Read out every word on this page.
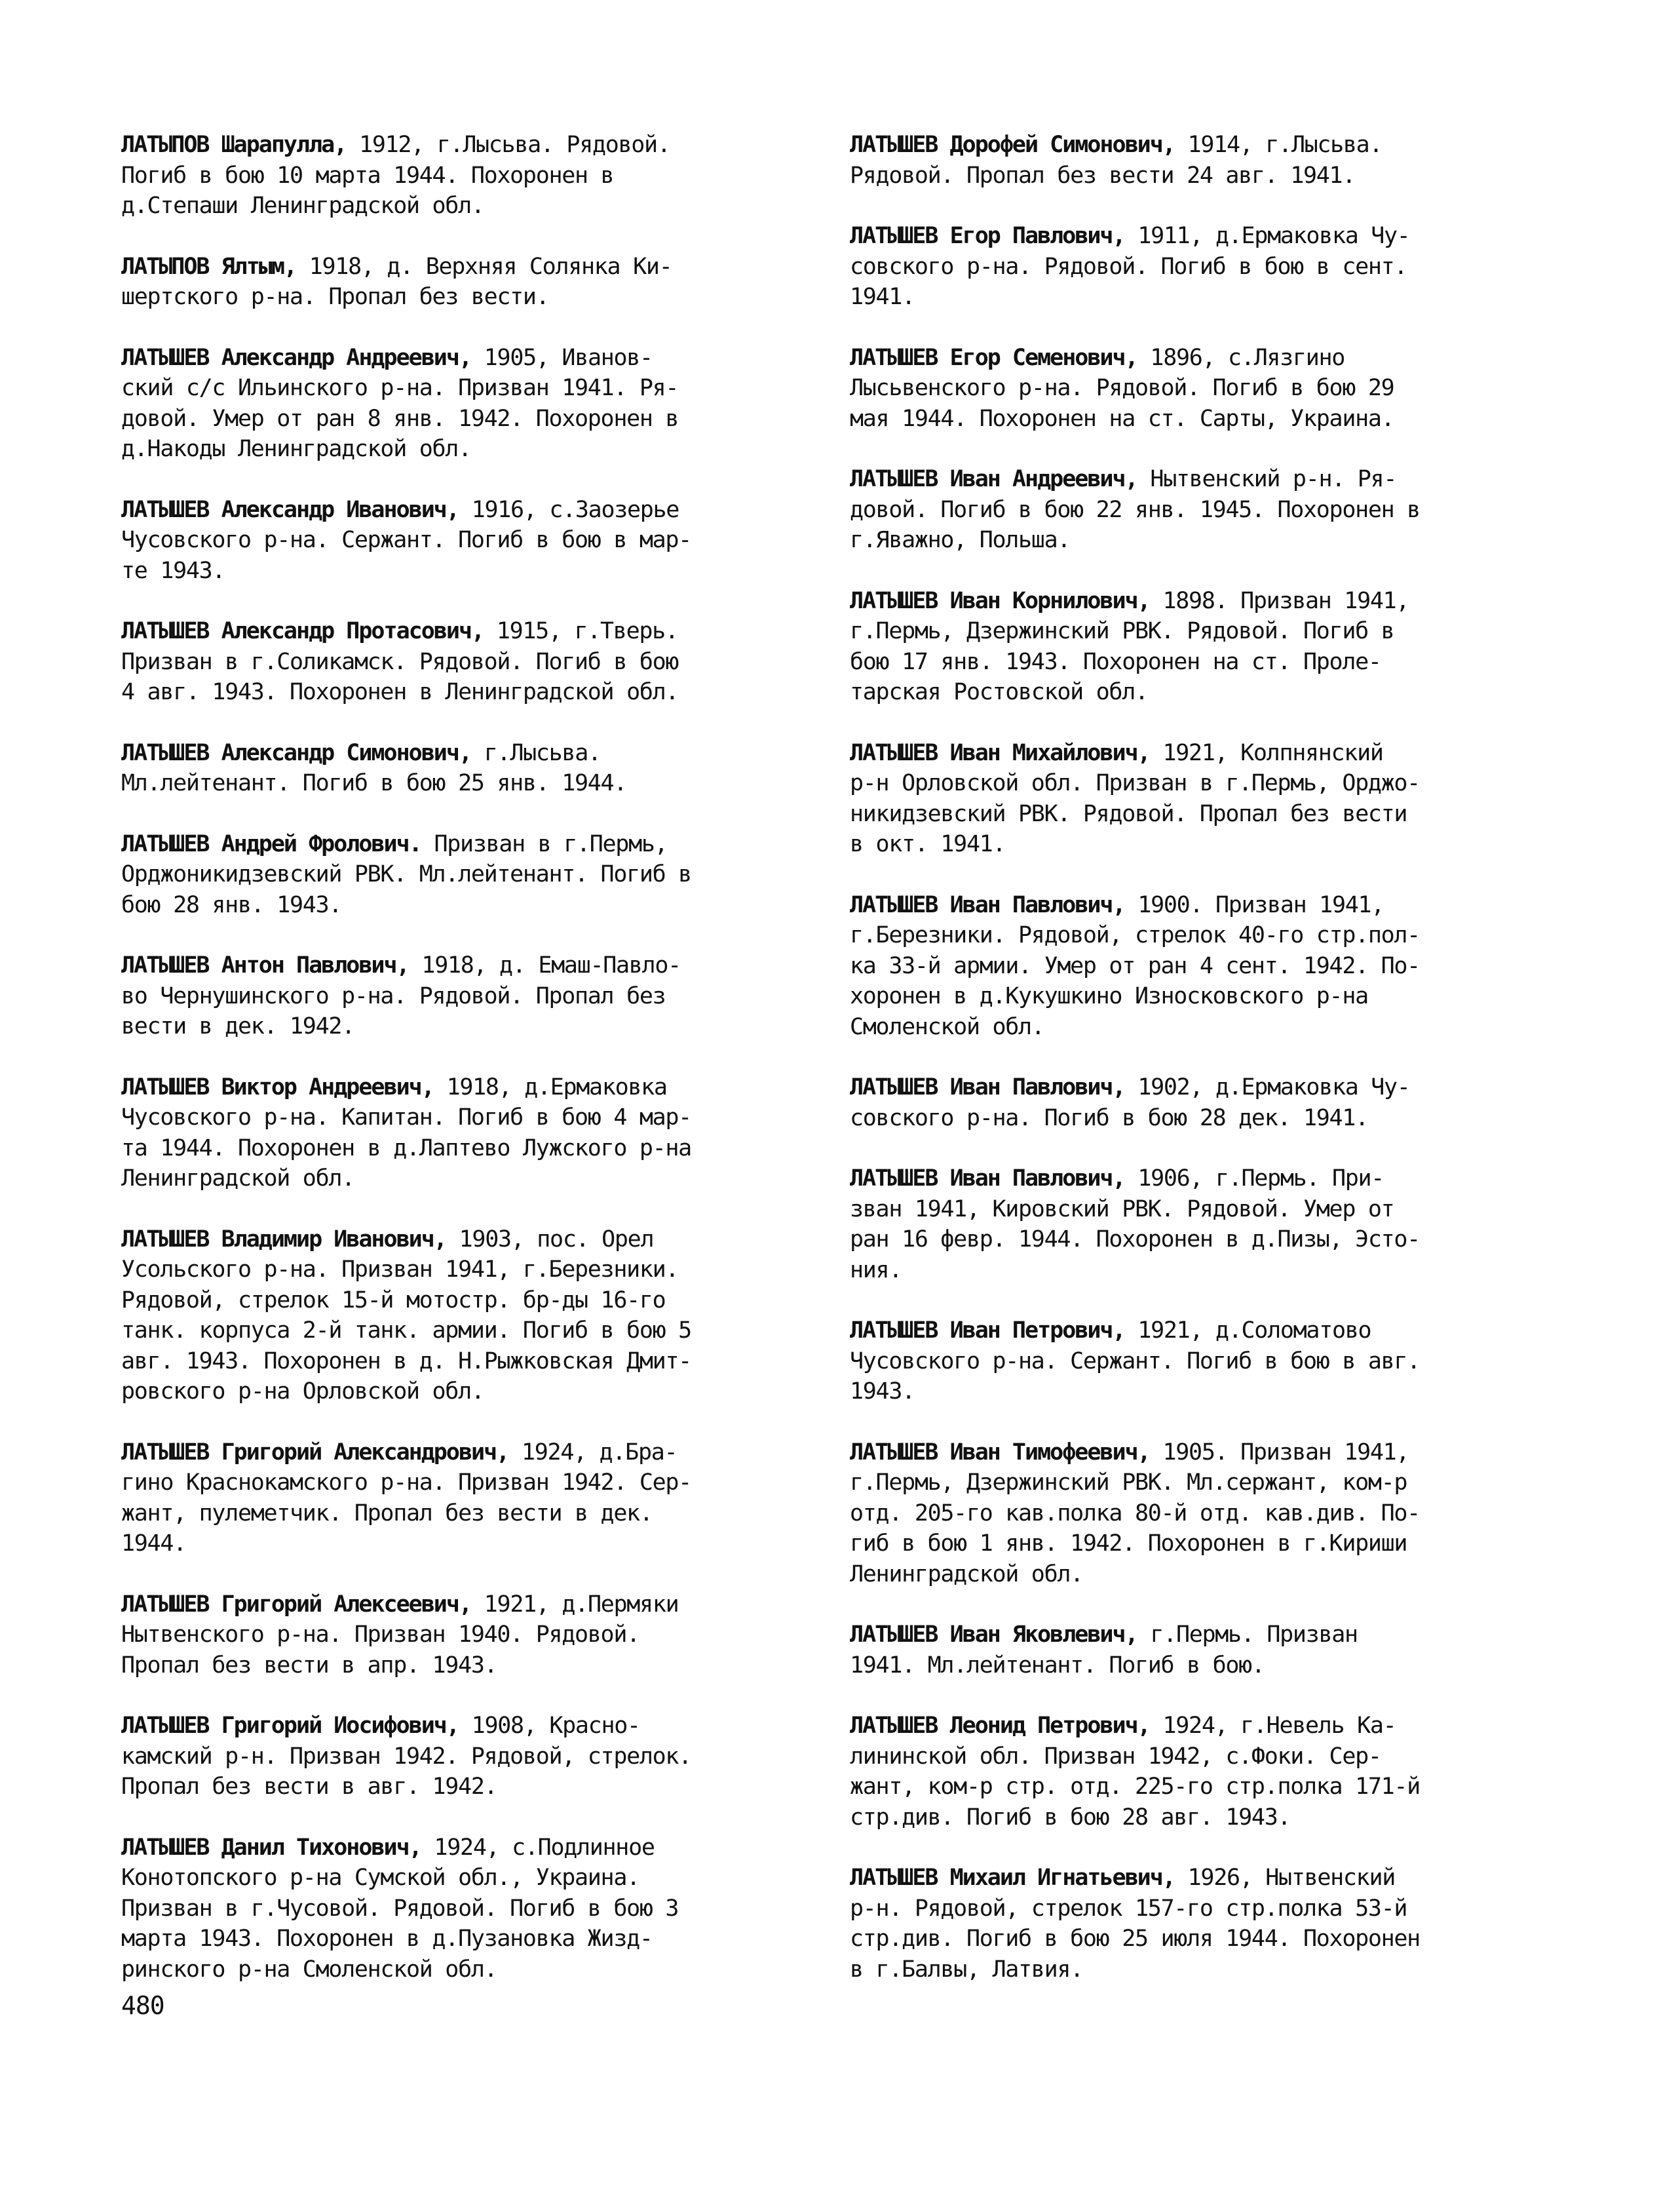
ЛАТЫПОВ Шарапулла, 1912, г.Лысьва. Рядовой.
Погиб в бою 10 марта 1944. Похоронен в
д.Степаши Ленинградской обл.

ЛАТЫПОВ Ялтым, 1918, д. Верхняя Солянка Ки-
шертского р-на. Пропал без вести.

ЛАТЫШЕВ Александр Андреевич, 1905, Иванов-
ский с/с Ильинского р-на. Призван 1941. Ря-
довой. Умер от ран 8 янв. 1942. Похоронен в
д.Накоды Ленинградской обл.

ЛАТЫШЕВ Александр Иванович, 1916, с.Заозерье
Чусовского р-на. Сержант. Погиб в бою в мар-
те 1943.

ЛАТЫШЕВ Александр Протасович, 1915, г.Тверь.
Призван в г.Соликамск. Рядовой. Погиб в бою
4 авг. 1943. Похоронен в Ленинградской обл.

ЛАТЫШЕВ Александр Симонович, г.Лысьва.
Мл.лейтенант. Погиб в бою 25 янв. 1944.

ЛАТЫШЕВ Андрей Фролович. Призван в г.Пермь,
Орджоникидзевский РВК. Мл.лейтенант. Погиб в
бою 28 янв. 1943.

ЛАТЫШЕВ Антон Павлович, 1918, д. Емаш-Павло-
во Чернушинского р-на. Рядовой. Пропал без
вести в дек. 1942.

ЛАТЫШЕВ Виктор Андреевич, 1918, д.Ермаковка
Чусовского р-на. Капитан. Погиб в бою 4 мар-
та 1944. Похоронен в д.Лаптево Лужского р-на
Ленинградской обл.

ЛАТЫШЕВ Владимир Иванович, 1903, пос. Орел
Усольского р-на. Призван 1941, г.Березники.
Рядовой, стрелок 15-й мотостр. бр-ды 16-го
танк. корпуса 2-й танк. армии. Погиб в бою 5
авг. 1943. Похоронен в д. Н.Рыжковская Дмит-
ровского р-на Орловской обл.

ЛАТЫШЕВ Григорий Александрович, 1924, д.Бра-
гино Краснокамского р-на. Призван 1942. Сер-
жант, пулеметчик. Пропал без вести в дек.
1944.

ЛАТЫШЕВ Григорий Алексеевич, 1921, д.Пермяки
Нытвенского р-на. Призван 1940. Рядовой.
Пропал без вести в апр. 1943.

ЛАТЫШЕВ Григорий Иосифович, 1908, Красно-
камский р-н. Призван 1942. Рядовой, стрелок.
Пропал без вести в авг. 1942.

ЛАТЫШЕВ Данил Тихонович, 1924, с.Подлинное
Конотопского р-на Сумской обл., Украина.
Призван в г.Чусовой. Рядовой. Погиб в бою 3
марта 1943. Похоронен в д.Пузановка Жизд-
ринского р-на Смоленской обл.

ЛАТЫШЕВ Дорофей Симонович, 1914, г.Лысьва.
Рядовой. Пропал без вести 24 авг. 1941.

ЛАТЫШЕВ Егор Павлович, 1911, д.Ермаковка Чу-
совского р-на. Рядовой. Погиб в бою в сент.
1941.

ЛАТЫШЕВ Егор Семенович, 1896, с.Лязгино
Лысьвенского р-на. Рядовой. Погиб в бою 29
мая 1944. Похоронен на ст. Сарты, Украина.

ЛАТЫШЕВ Иван Андреевич, Нытвенский р-н. Ря-
довой. Погиб в бою 22 янв. 1945. Похоронен в
г.Яважно, Польша.

ЛАТЫШЕВ Иван Корнилович, 1898. Призван 1941,
г.Пермь, Дзержинский РВК. Рядовой. Погиб в
бою 17 янв. 1943. Похоронен на ст. Проле-
тарская Ростовской обл.

ЛАТЫШЕВ Иван Михайлович, 1921, Колпнянский
р-н Орловской обл. Призван в г.Пермь, Орджо-
никидзевский РВК. Рядовой. Пропал без вести
в окт. 1941.

ЛАТЫШЕВ Иван Павлович, 1900. Призван 1941,
г.Березники. Рядовой, стрелок 40-го стр.пол-
ка 33-й армии. Умер от ран 4 сент. 1942. По-
хоронен в д.Кукушкино Износковского р-на
Смоленской обл.

ЛАТЫШЕВ Иван Павлович, 1902, д.Ермаковка Чу-
совского р-на. Погиб в бою 28 дек. 1941.

ЛАТЫШЕВ Иван Павлович, 1906, г.Пермь. При-
зван 1941, Кировский РВК. Рядовой. Умер от
ран 16 февр. 1944. Похоронен в д.Пизы, Эсто-
ния.

ЛАТЫШЕВ Иван Петрович, 1921, д.Соломатово
Чусовского р-на. Сержант. Погиб в бою в авг.
1943.

ЛАТЫШЕВ Иван Тимофеевич, 1905. Призван 1941,
г.Пермь, Дзержинский РВК. Мл.сержант, ком-р
отд. 205-го кав.полка 80-й отд. кав.див. По-
гиб в бою 1 янв. 1942. Похоронен в г.Кириши
Ленинградской обл.

ЛАТЫШЕВ Иван Яковлевич, г.Пермь. Призван
1941. Мл.лейтенант. Погиб в бою.

ЛАТЫШЕВ Леонид Петрович, 1924, г.Невель Ка-
лининской обл. Призван 1942, с.Фоки. Сер-
жант, ком-р стр. отд. 225-го стр.полка 171-й
стр.див. Погиб в бою 28 авг. 1943.

ЛАТЫШЕВ Михаил Игнатьевич, 1926, Нытвенский
р-н. Рядовой, стрелок 157-го стр.полка 53-й
стр.див. Погиб в бою 25 июля 1944. Похоронен
в г.Балвы, Латвия.

480
